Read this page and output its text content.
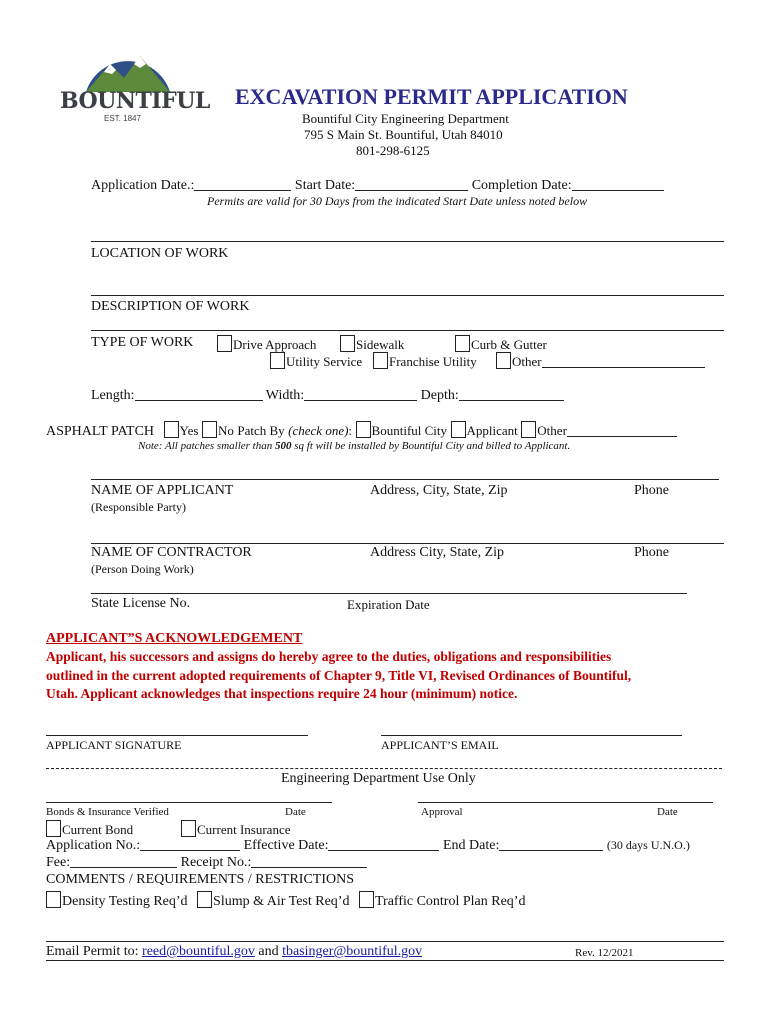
BOUNTIFUL
EST. 1847
EXCAVATION PERMIT APPLICATION
Bountiful City Engineering Department
795 S Main St. Bountiful, Utah 84010
801-298-6125
Application Date.:	Start Date:	Completion Date:
Permits are valid for 30 Days from the indicated Start Date unless noted below
LOCATION OF WORK
DESCRIPTION OF WORK
TYPE OF WORK	Drive Approach	Sidewalk	Curb & Gutter
Utility Service	Franchise Utility	Other
Length:	Width:	Depth:
ASPHALT PATCH Yes No Patch By (check one): Bountiful City Applicant Other
Note: All patches smaller than 500 sq ft will be installed by Bountiful City and billed to Applicant.
NAME OF APPLICANT	Address, City, State, Zip	Phone
(Responsible Party)
NAME OF CONTRACTOR	Address City, State, Zip	Phone
(Person Doing Work)
State License No.	Expiration Date
APPLICANT”S ACKNOWLEDGEMENT
Applicant, his successors and assigns do hereby agree to the duties, obligations and responsibilities
outlined in the current adopted requirements of Chapter 9, Title VI, Revised Ordinances of Bountiful,
Utah. Applicant acknowledges that inspections require 24 hour (minimum) notice.
APPLICANT SIGNATURE	APPLICANT’S EMAIL
Engineering Department Use Only
Bonds & Insurance Verified	Date	Approval	Date
Current Bond	Current Insurance
Application No.:	Effective Date:	End Date:	(30 days U.N.O.)
Fee:	Receipt No.:
COMMENTS / REQUIREMENTS / RESTRICTIONS
Density Testing Req’d Slump & Air Test Req’d Traffic Control Plan Req’d
Email Permit to: reed@bountiful.gov and tbasinger@bountiful.gov	Rev. 12/2021
